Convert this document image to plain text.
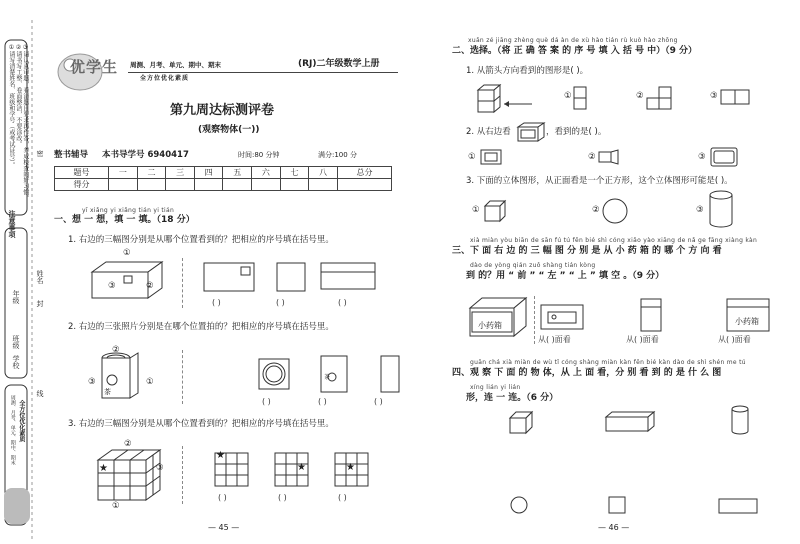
注意事项
①请写清楚姓名、班级和学号（或考试证号）。 ②请书写工整、卷面整洁，不要涂改。 ③请认真审题，看清题目要求再作答，养成检查的好习惯。
学校
班级
年级
姓名
密
封
线
周测、月考、单元、期中、期末 全方位优化素质
优学生 周测、月考、单元、期中、期末
全方位优化素质
(RJ)二年级数学上册
第九周达标测评卷
(观察物体(一))
整书辅导 本书导学号 6940417	时间:80 分钟	满分:100 分
题号	一	二	三	四	五	六	七	八	总分
得分									
yī xiǎng yi xiǎng tián yi tián
一、想 一 想，填 一 填。（18 分）
1. 右边的三幅图分别是从哪个位置看到的？把相应的序号填在括号里。
①
③	②
( )	( )	( )
2. 右边的三张照片分别是在哪个位置拍的？把相应的序号填在括号里。
②
③	①
茶
茶
( )	( )	( )
3. 右边的三幅图分别是从哪个位置看到的？把相应的序号填在括号里。
★
②
①
③
★
★	★
( )	( )	( )
— 45 —
xuǎn zé jiāng zhèng què dá àn de xù hào tián rù kuò hào zhōng
二、选择。（将 正 确 答 案 的 序 号 填 入 括 号 中）（9 分）
1. 从箭头方向看到的图形是( )。
①	②	③
2. 从右边看	，看到的是( )。
①	②	③
3. 下面的立体图形，从正面看是一个正方形，这个立体图形可能是( )。
①	②	③
xià miàn yòu biān de sān fú tú fēn bié shì cóng xiǎo yào xiāng de nǎ ge fāng xiàng kàn
三、下 面 右 边 的 三 幅 图 分 别 是 从 小 药 箱 的 哪 个 方 向 看
dào de yòng qián zuǒ shàng tián kòng
到 的？用 “ 前 ” “ 左 ” “ 上 ” 填 空 。（9 分）
小药箱	小药箱
从( )面看	从( )面看	从( )面看
guān chá xià miàn de wù tǐ cóng shàng miàn kàn fēn bié kàn dào de shì shén me tú
四、观 察 下 面 的 物 体，从 上 面 看，分 别 看 到 的 是 什 么 图
xíng lián yi lián
形，连 一 连。（6 分）
— 46 —
